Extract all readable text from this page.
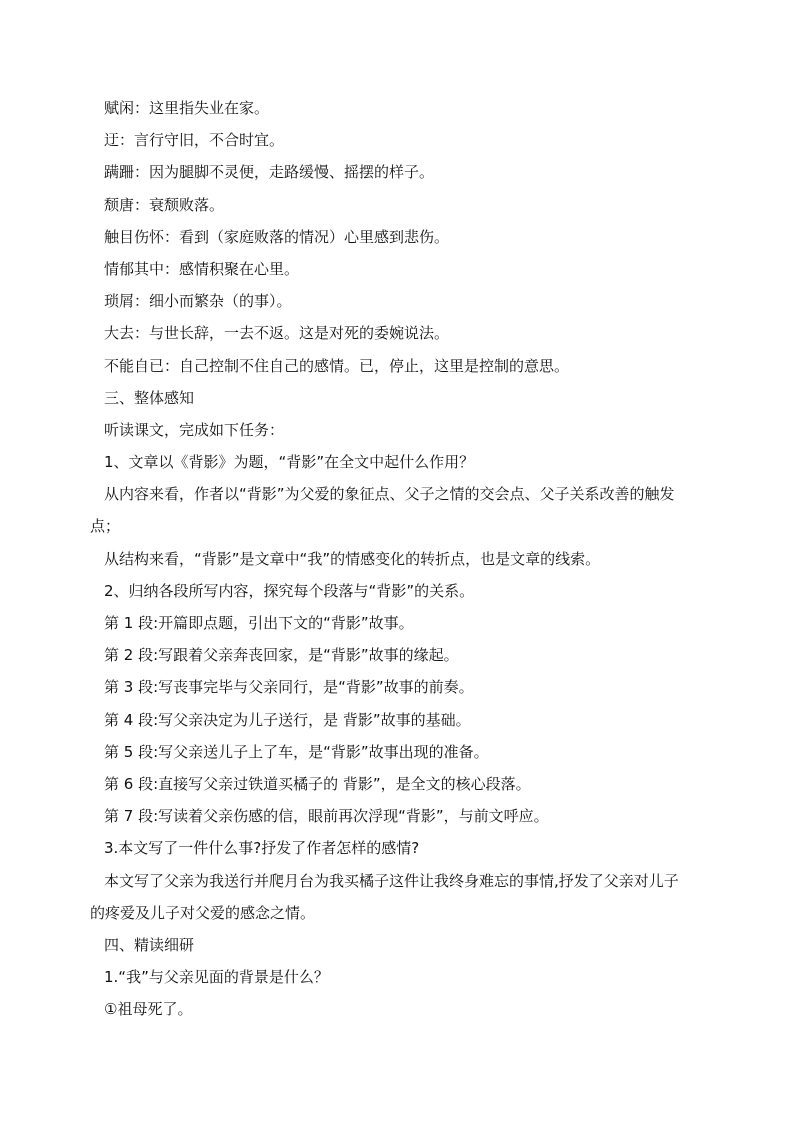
赋闲：这里指失业在家。
迂：言行守旧，不合时宜。
蹒跚：因为腿脚不灵便，走路缓慢、摇摆的样子。
颓唐：衰颓败落。
触目伤怀：看到（家庭败落的情况）心里感到悲伤。
情郁其中：感情积聚在心里。
琐屑：细小而繁杂（的事）。
大去：与世长辞，一去不返。这是对死的委婉说法。
不能自已：自己控制不住自己的感情。已，停止，这里是控制的意思。
三、整体感知
听读课文，完成如下任务：
1、文章以《背影》为题，“背影”在全文中起什么作用？
从内容来看，作者以“背影”为父爱的象征点、父子之情的交会点、父子关系改善的触发
点；
从结构来看，“背影”是文章中“我”的情感变化的转折点，也是文章的线索。
2、归纳各段所写内容，探究每个段落与“背影”的关系。
第 1 段:开篇即点题，引出下文的“背影”故事。
第 2 段:写跟着父亲奔丧回家，是“背影”故事的缘起。
第 3 段:写丧事完毕与父亲同行，是“背影”故事的前奏。
第 4 段:写父亲决定为儿子送行，是 背影”故事的基础。
第 5 段:写父亲送儿子上了车，是“背影”故事出现的准备。
第 6 段:直接写父亲过铁道买橘子的 背影”，是全文的核心段落。
第 7 段:写读着父亲伤感的信，眼前再次浮现“背影”，与前文呼应。
3.本文写了一件什么事?抒发了作者怎样的感情?
本文写了父亲为我送行并爬月台为我买橘子这件让我终身难忘的事情,抒发了父亲对儿子
的疼爱及儿子对父爱的感念之情。
四、精读细研
1.“我”与父亲见面的背景是什么？
①祖母死了。
